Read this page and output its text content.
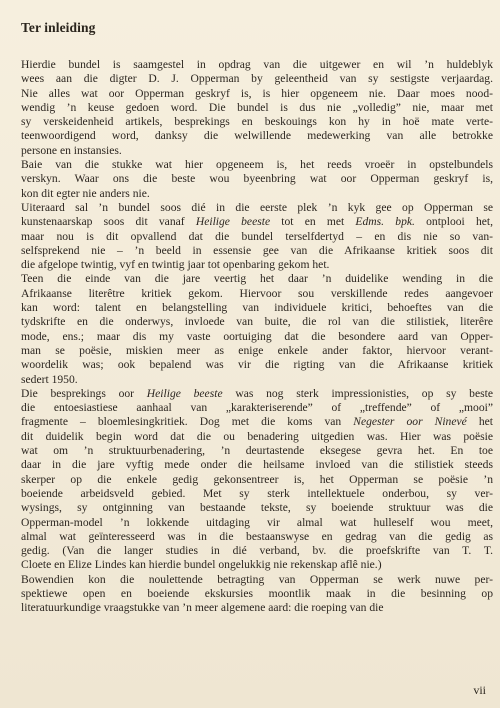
Ter inleiding
Hierdie bundel is saamgestel in opdrag van die uitgewer en wil ’n huldeblyk
wees aan die digter D. J. Opperman by geleentheid van sy sestigste verjaardag.
Nie alles wat oor Opperman geskryf is, is hier opgeneem nie. Daar moes nood-
wendig ’n keuse gedoen word. Die bundel is dus nie „volledig” nie, maar met
sy verskeidenheid artikels, besprekings en beskouings kon hy in hoë mate verte-
teenwoordigend word, danksy die welwillende medewerking van alle betrokke
persone en instansies.
Baie van die stukke wat hier opgeneem is, het reeds vroeër in opstelbundels
verskyn. Waar ons die beste wou byeenbring wat oor Opperman geskryf is,
kon dit egter nie anders nie.
Uiteraard sal ’n bundel soos dié in die eerste plek ’n kyk gee op Opperman se
kunstenaarskap soos dit vanaf Heilige beeste tot en met Edms. bpk. ontplooi het,
maar nou is dit opvallend dat die bundel terselfdertyd – en dis nie so van-
selfsprekend nie – ’n beeld in essensie gee van die Afrikaanse kritiek soos dit
die afgelope twintig, vyf en twintig jaar tot openbaring gekom het.
Teen die einde van die jare veertig het daar ’n duidelike wending in die
Afrikaanse literêtre kritiek gekom. Hiervoor sou verskillende redes aangevoer
kan word: talent en belangstelling van individuele kritici, behoeftes van die
tydskrifte en die onderwys, invloede van buite, die rol van die stilistiek, literêre
mode, ens.; maar dis my vaste oortuiging dat die besondere aard van Opper-
man se poësie, miskien meer as enige enkele ander faktor, hiervoor verant-
woordelik was; ook bepalend was vir die rigting van die Afrikaanse kritiek
sedert 1950.
Die besprekings oor Heilige beeste was nog sterk impressionisties, op sy beste
die entoesiastiese aanhaal van „karakteriserende” of „treffende” of „mooi”
fragmente – bloemlesingkritiek. Dog met die koms van Negester oor Ninevé het
dit duidelik begin word dat die ou benadering uitgedien was. Hier was poësie
wat om ’n struktuurbenadering, ’n deurtastende eksegese gevra het. En toe
daar in die jare vyftig mede onder die heilsame invloed van die stilistiek steeds
skerper op die enkele gedig gekonsentreer is, het Opperman se poësie ’n
boeiende arbeidsveld gebied. Met sy sterk intellektuele onderbou, sy ver-
wysings, sy ontginning van bestaande tekste, sy boeiende struktuur was die
Opperman-model ’n lokkende uitdaging vir almal wat hulleself wou meet,
almal wat geïnteresseerd was in die bestaanswyse en gedrag van die gedig as
gedig. (Van die langer studies in dié verband, bv. die proefskrifte van T. T.
Cloete en Elize Lindes kan hierdie bundel ongelukkig nie rekenskap aflê nie.)
Bowendien kon die noulettende betragting van Opperman se werk nuwe per-
spektiewe open en boeiende ekskursies moontlik maak in die besinning op
literatuurkundige vraagstukke van ’n meer algemene aard: die roeping van die
vii
